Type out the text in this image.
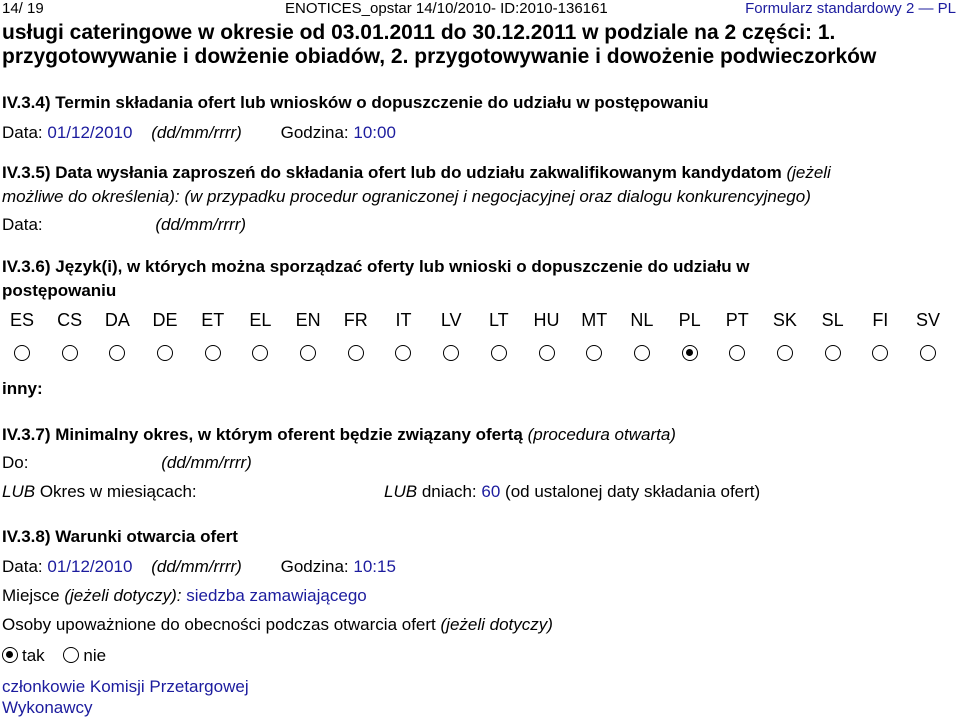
14/ 19	ENOTICES_opstar 14/10/2010- ID:2010-136161	Formularz standardowy 2 — PL
usługi cateringowe w okresie od 03.01.2011 do 30.12.2011 w podziale na 2 części: 1. przygotowywanie i dowżenie obiadów, 2. przygotowywanie i dowożenie podwieczorków
IV.3.4) Termin składania ofert lub wniosków o dopuszczenie do udziału w postępowaniu
Data: 01/12/2010 (dd/mm/rrrr) Godzina: 10:00
IV.3.5) Data wysłania zaproszeń do składania ofert lub do udziału zakwalifikowanym kandydatom (jeżeli
możliwe do określenia): (w przypadku procedur ograniczonej i negocjacyjnej oraz dialogu konkurencyjnego)
Data:	(dd/mm/rrrr)
IV.3.6) Język(i), w których można sporządzać oferty lub wnioski o dopuszczenie do udziału w
postępowaniu
ES	CS	DA	DE	ET	EL	EN	FR	IT	LV	LT	HU	MT	NL	PL	PT	SK	SL	FI	SV
inny:
IV.3.7) Minimalny okres, w którym oferent będzie związany ofertą (procedura otwarta)
Do:	(dd/mm/rrrr)
LUB Okres w miesiącach:	LUB dniach: 60 (od ustalonej daty składania ofert)
IV.3.8) Warunki otwarcia ofert
Data: 01/12/2010 (dd/mm/rrrr) Godzina: 10:15
Miejsce (jeżeli dotyczy): siedzba zamawiającego
Osoby upoważnione do obecności podczas otwarcia ofert (jeżeli dotyczy)
tak nie
członkowie Komisji Przetargowej
Wykonawcy
